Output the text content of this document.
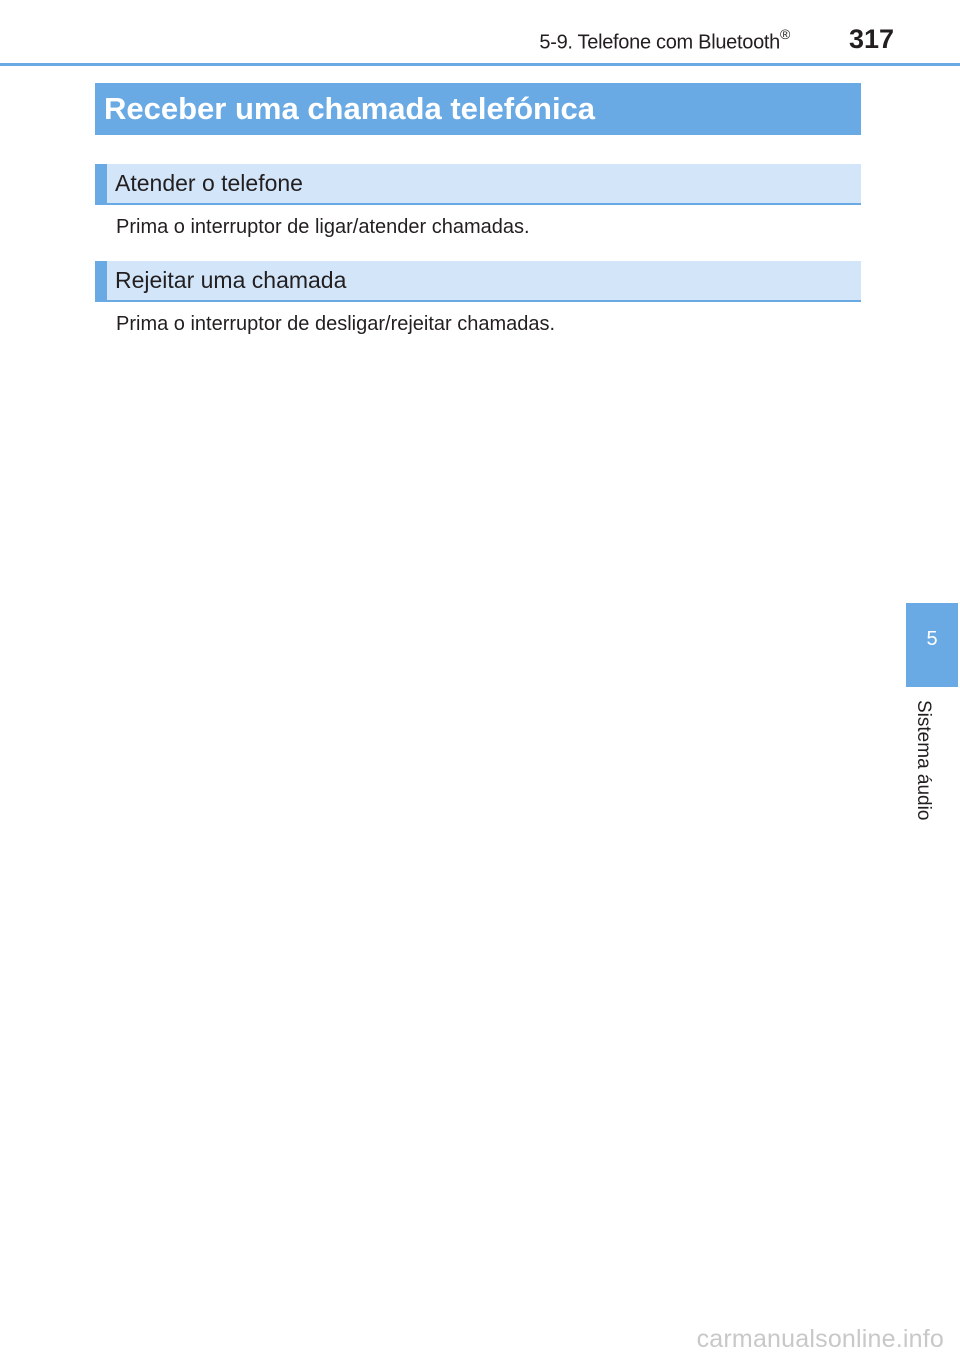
5-9. Telefone com Bluetooth® 317
Receber uma chamada telefónica
Atender o telefone
Prima o interruptor de ligar/atender chamadas.
Rejeitar uma chamada
Prima o interruptor de desligar/rejeitar chamadas.
5
Sistema áudio
carmanualsonline.info
